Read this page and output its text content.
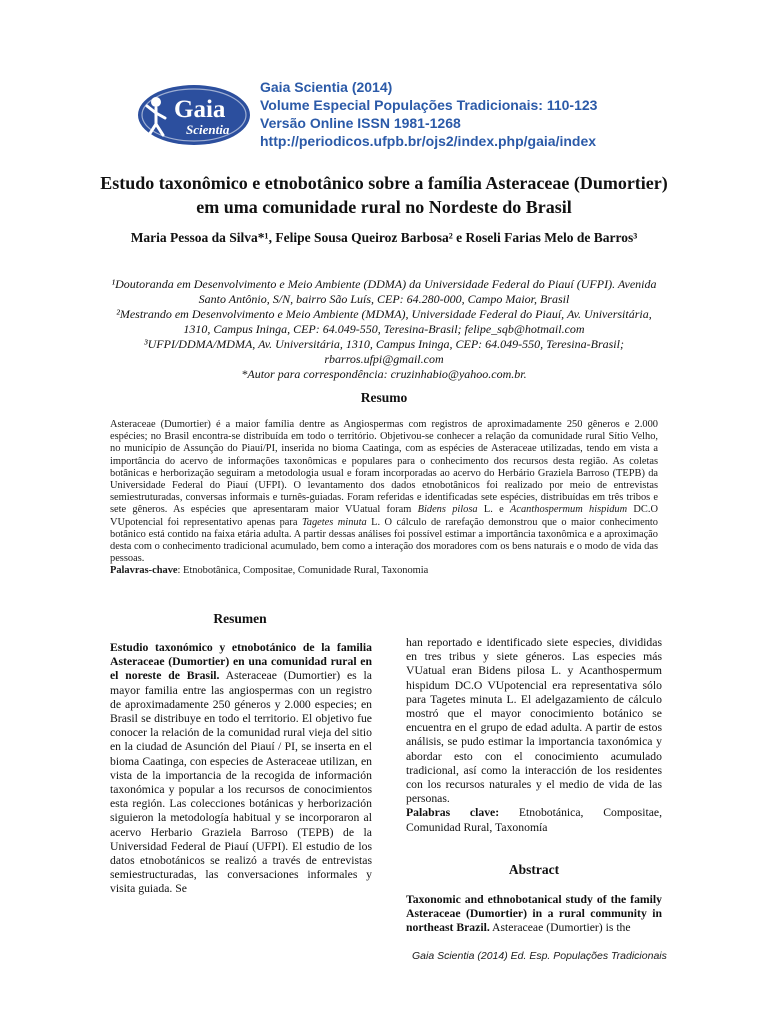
Gaia
Scientia
Gaia Scientia (2014)
Volume Especial Populações Tradicionais: 110-123
Versão Online ISSN 1981-1268
http://periodicos.ufpb.br/ojs2/index.php/gaia/index
Estudo taxonômico e etnobotânico sobre a família Asteraceae (Dumortier) em uma comunidade rural no Nordeste do Brasil
Maria Pessoa da Silva*¹, Felipe Sousa Queiroz Barbosa² e Roseli Farias Melo de Barros³
¹Doutoranda em Desenvolvimento e Meio Ambiente (DDMA) da Universidade Federal do Piauí (UFPI). Avenida Santo Antônio, S/N, bairro São Luís, CEP: 64.280-000, Campo Maior, Brasil
²Mestrando em Desenvolvimento e Meio Ambiente (MDMA), Universidade Federal do Piauí, Av. Universitária, 1310, Campus Ininga, CEP: 64.049-550, Teresina-Brasil; felipe_sqb@hotmail.com
³UFPI/DDMA/MDMA, Av. Universitária, 1310, Campus Ininga, CEP: 64.049-550, Teresina-Brasil; rbarros.ufpi@gmail.com
*Autor para correspondência: cruzinhabio@yahoo.com.br.
Resumo

Asteraceae (Dumortier) é a maior família dentre as Angiospermas com registros de aproximadamente 250 gêneros e 2.000 espécies; no Brasil encontra-se distribuída em todo o território. Objetivou-se conhecer a relação da comunidade rural Sítio Velho, no município de Assunção do Piauí/PI, inserida no bioma Caatinga, com as espécies de Asteraceae utilizadas, tendo em vista a importância do acervo de informações taxonômicas e populares para o conhecimento dos recursos desta região. As coletas botânicas e herborização seguiram a metodologia usual e foram incorporadas ao acervo do Herbário Graziela Barroso (TEPB) da Universidade Federal do Piauí (UFPI). O levantamento dos dados etnobotânicos foi realizado por meio de entrevistas semiestruturadas, conversas informais e turnês-guiadas. Foram referidas e identificadas sete espécies, distribuídas em três tribos e sete gêneros. As espécies que apresentaram maior VUatual foram Bidens pilosa L. e Acanthospermum hispidum DC.O VUpotencial foi representativo apenas para Tagetes minuta L. O cálculo de rarefação demonstrou que o maior conhecimento botânico está contido na faixa etária adulta. A partir dessas análises foi possível estimar a importância taxonômica e a aproximação desta com o conhecimento tradicional acumulado, bem como a interação dos moradores com os bens naturais e o modo de vida das pessoas.

Palavras-chave: Etnobotânica, Compositae, Comunidade Rural, Taxonomia

Resumen

Estudio taxonómico y etnobotánico de la familia Asteraceae (Dumortier) en una comunidad rural en el noreste de Brasil. Asteraceae (Dumortier) es la mayor familia entre las angiospermas con un registro de aproximadamente 250 géneros y 2.000 especies; en Brasil se distribuye en todo el territorio. El objetivo fue conocer la relación de la comunidad rural vieja del sitio en la ciudad de Asunción del Piauí / PI, se inserta en el bioma Caatinga, con especies de Asteraceae utilizan, en vista de la importancia de la recogida de información taxonómica y popular a los recursos de conocimientos esta región. Las colecciones botánicas y herborización siguieron la metodología habitual y se incorporaron al acervo Herbario Graziela Barroso (TEPB) de la Universidad Federal de Piauí (UFPI). El estudio de los datos etnobotánicos se realizó a través de entrevistas semiestructuradas, las conversaciones informales y visita guiada. Se

han reportado e identificado siete especies, divididas en tres tribus y siete géneros. Las especies más VUatual eran Bidens pilosa L. y Acanthospermum hispidum DC.O VUpotencial era representativa sólo para Tagetes minuta L. El adelgazamiento de cálculo mostró que el mayor conocimiento botánico se encuentra en el grupo de edad adulta. A partir de estos análisis, se pudo estimar la importancia taxonómica y abordar esto con el conocimiento acumulado tradicional, así como la interacción de los residentes con los recursos naturales y el medio de vida de las personas.

Palabras clave: Etnobotánica, Compositae, Comunidad Rural, Taxonomía

Abstract

Taxonomic and ethnobotanical study of the family Asteraceae (Dumortier) in a rural community in northeast Brazil. Asteraceae (Dumortier) is the

Gaia Scientia (2014) Ed. Esp. Populações Tradicionais
